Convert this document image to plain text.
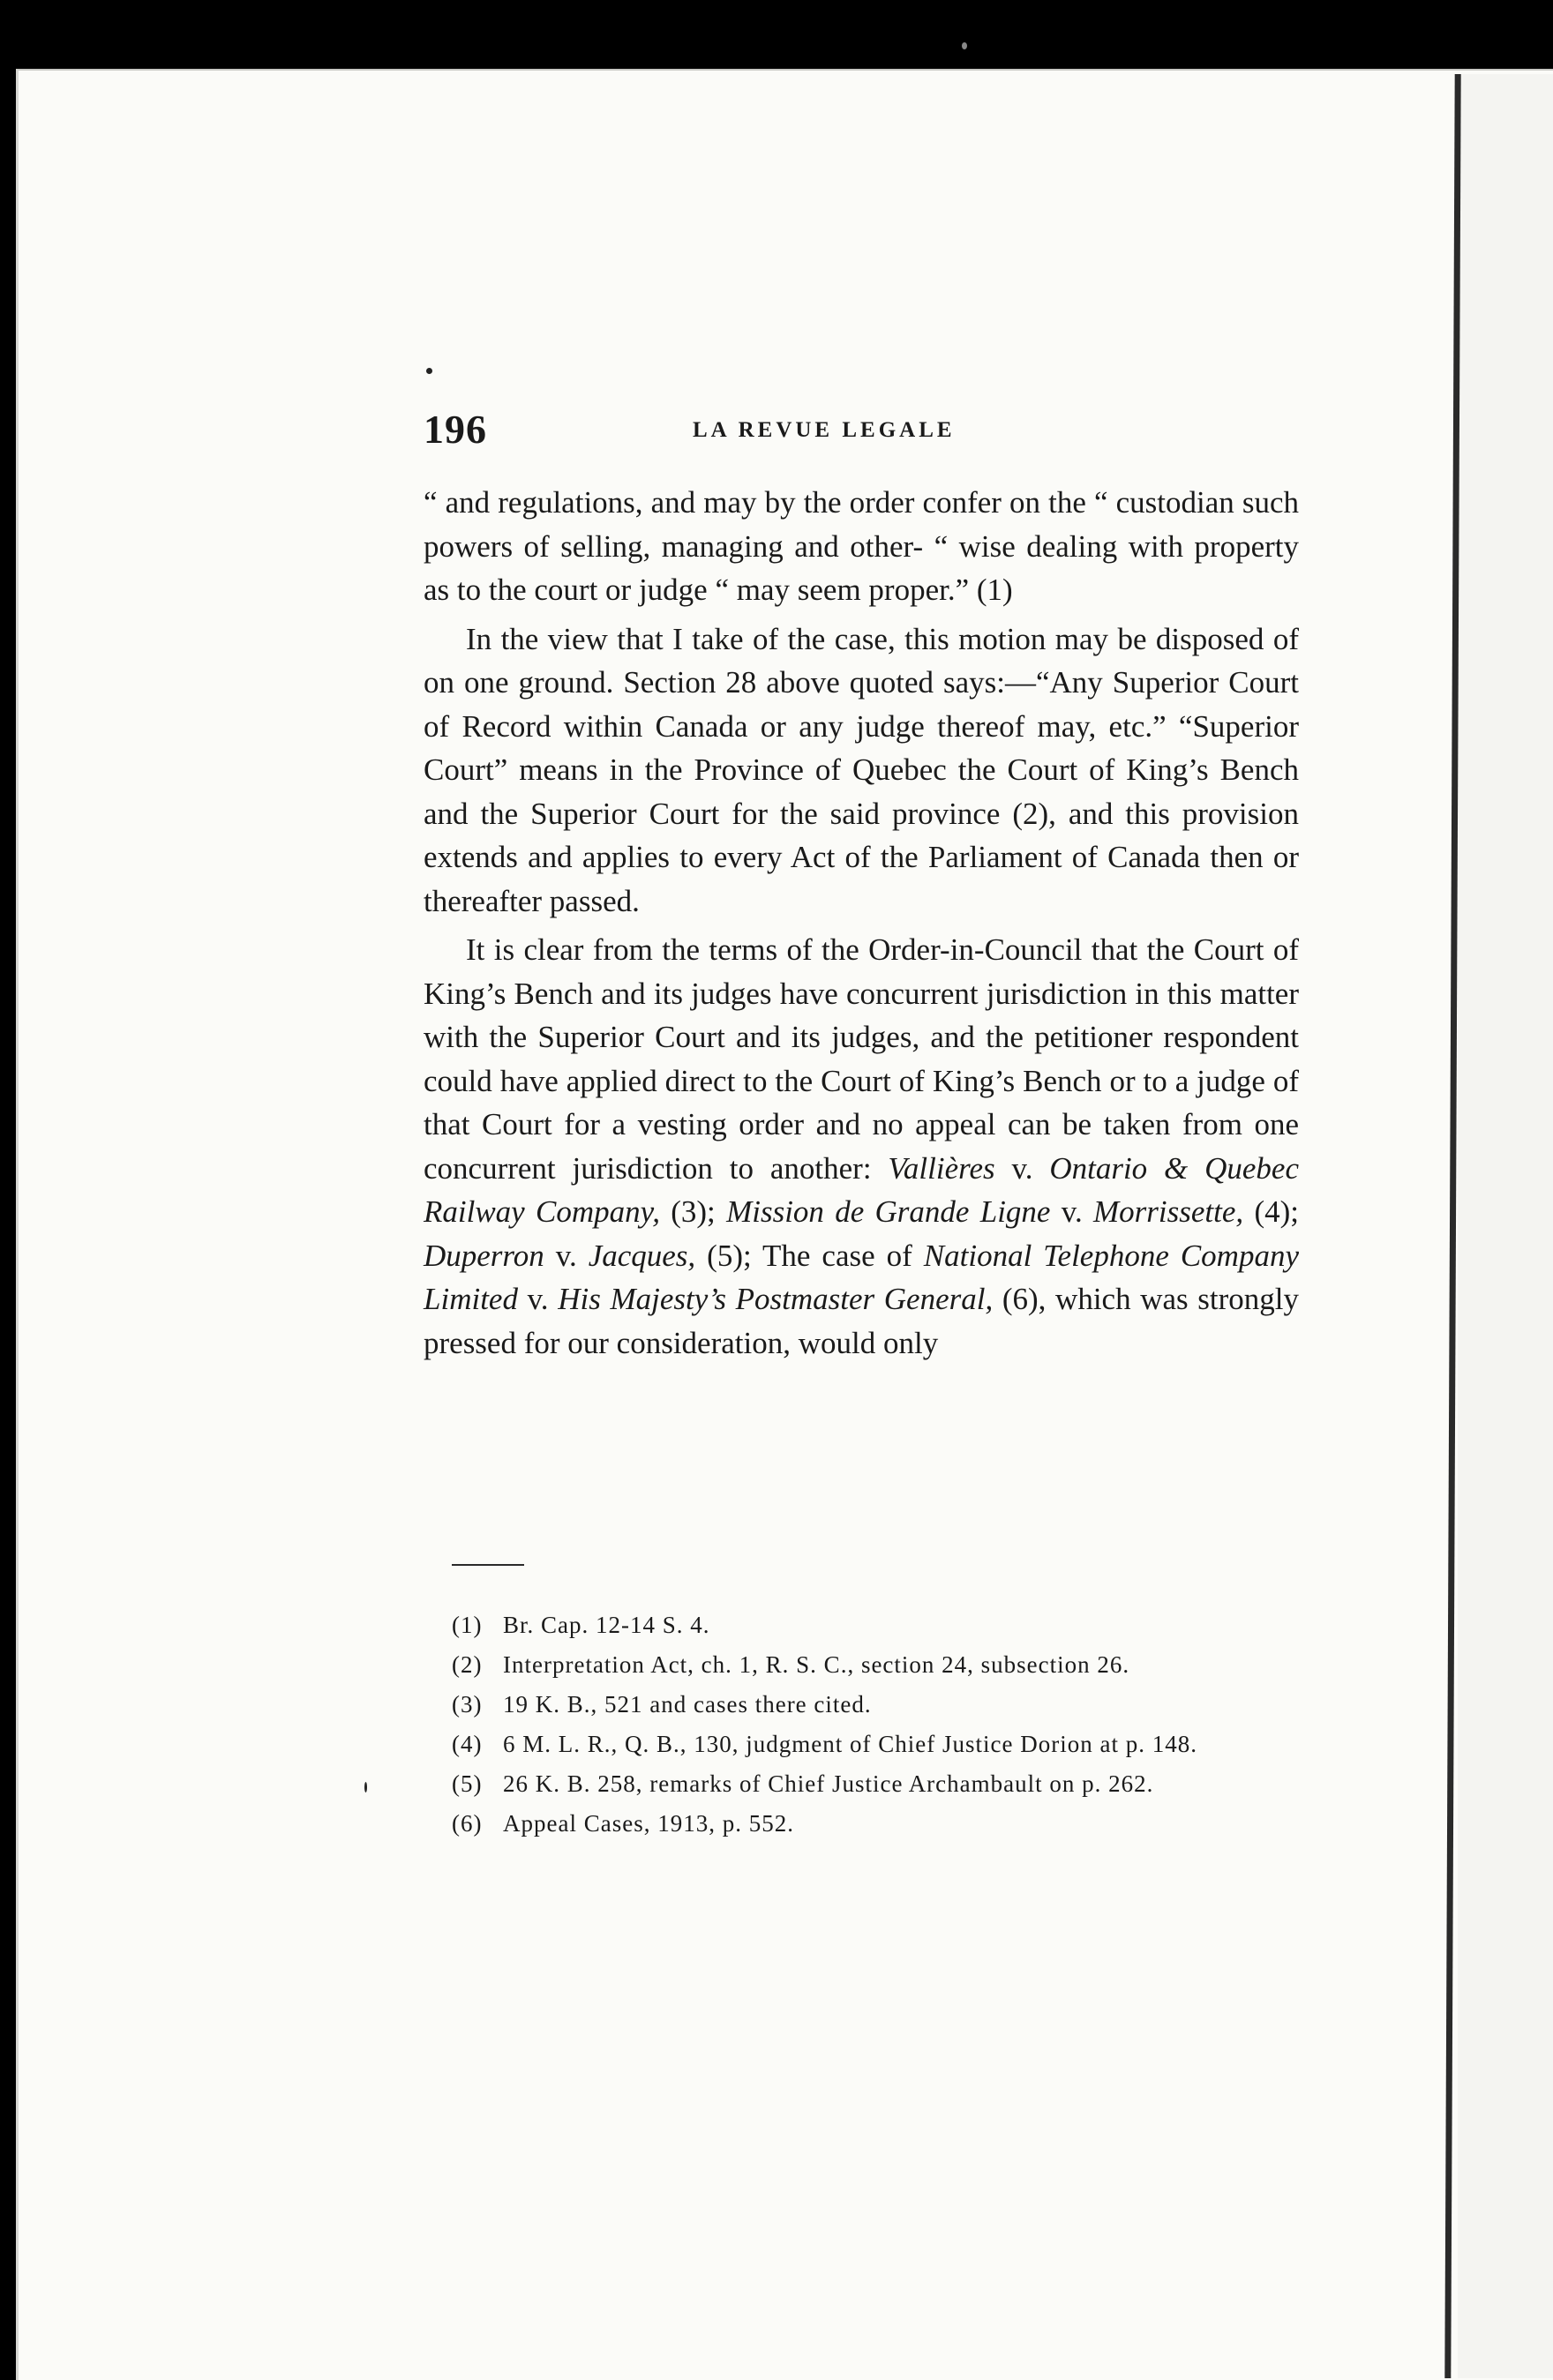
196	LA REVUE LEGALE

“ and regulations, and may by the order confer on the “ custodian such powers of selling, managing and other- “ wise dealing with property as to the court or judge “ may seem proper.” (1)

In the view that I take of the case, this motion may be disposed of on one ground. Section 28 above quoted says:—“Any Superior Court of Record within Canada or any judge thereof may, etc.” “Superior Court” means in the Province of Quebec the Court of King’s Bench and the Superior Court for the said province (2), and this provision extends and applies to every Act of the Parliament of Canada then or thereafter passed.

It is clear from the terms of the Order-in-Council that the Court of King’s Bench and its judges have concurrent jurisdiction in this matter with the Superior Court and its judges, and the petitioner respondent could have applied direct to the Court of King’s Bench or to a judge of that Court for a vesting order and no appeal can be taken from one concurrent jurisdiction to another: Vallières v. Ontario & Quebec Railway Company, (3); Mission de Grande Ligne v. Morrissette, (4); Duperron v. Jacques, (5); The case of National Telephone Company Limited v. His Majesty’s Postmaster General, (6), which was strongly pressed for our consideration, would only

(1) Br. Cap. 12-14 S. 4.

(2) Interpretation Act, ch. 1, R. S. C., section 24, subsection 26.

(3) 19 K. B., 521 and cases there cited.

(4) 6 M. L. R., Q. B., 130, judgment of Chief Justice Dorion at p. 148.

(5) 26 K. B. 258, remarks of Chief Justice Archambault on p. 262.

(6) Appeal Cases, 1913, p. 552.
